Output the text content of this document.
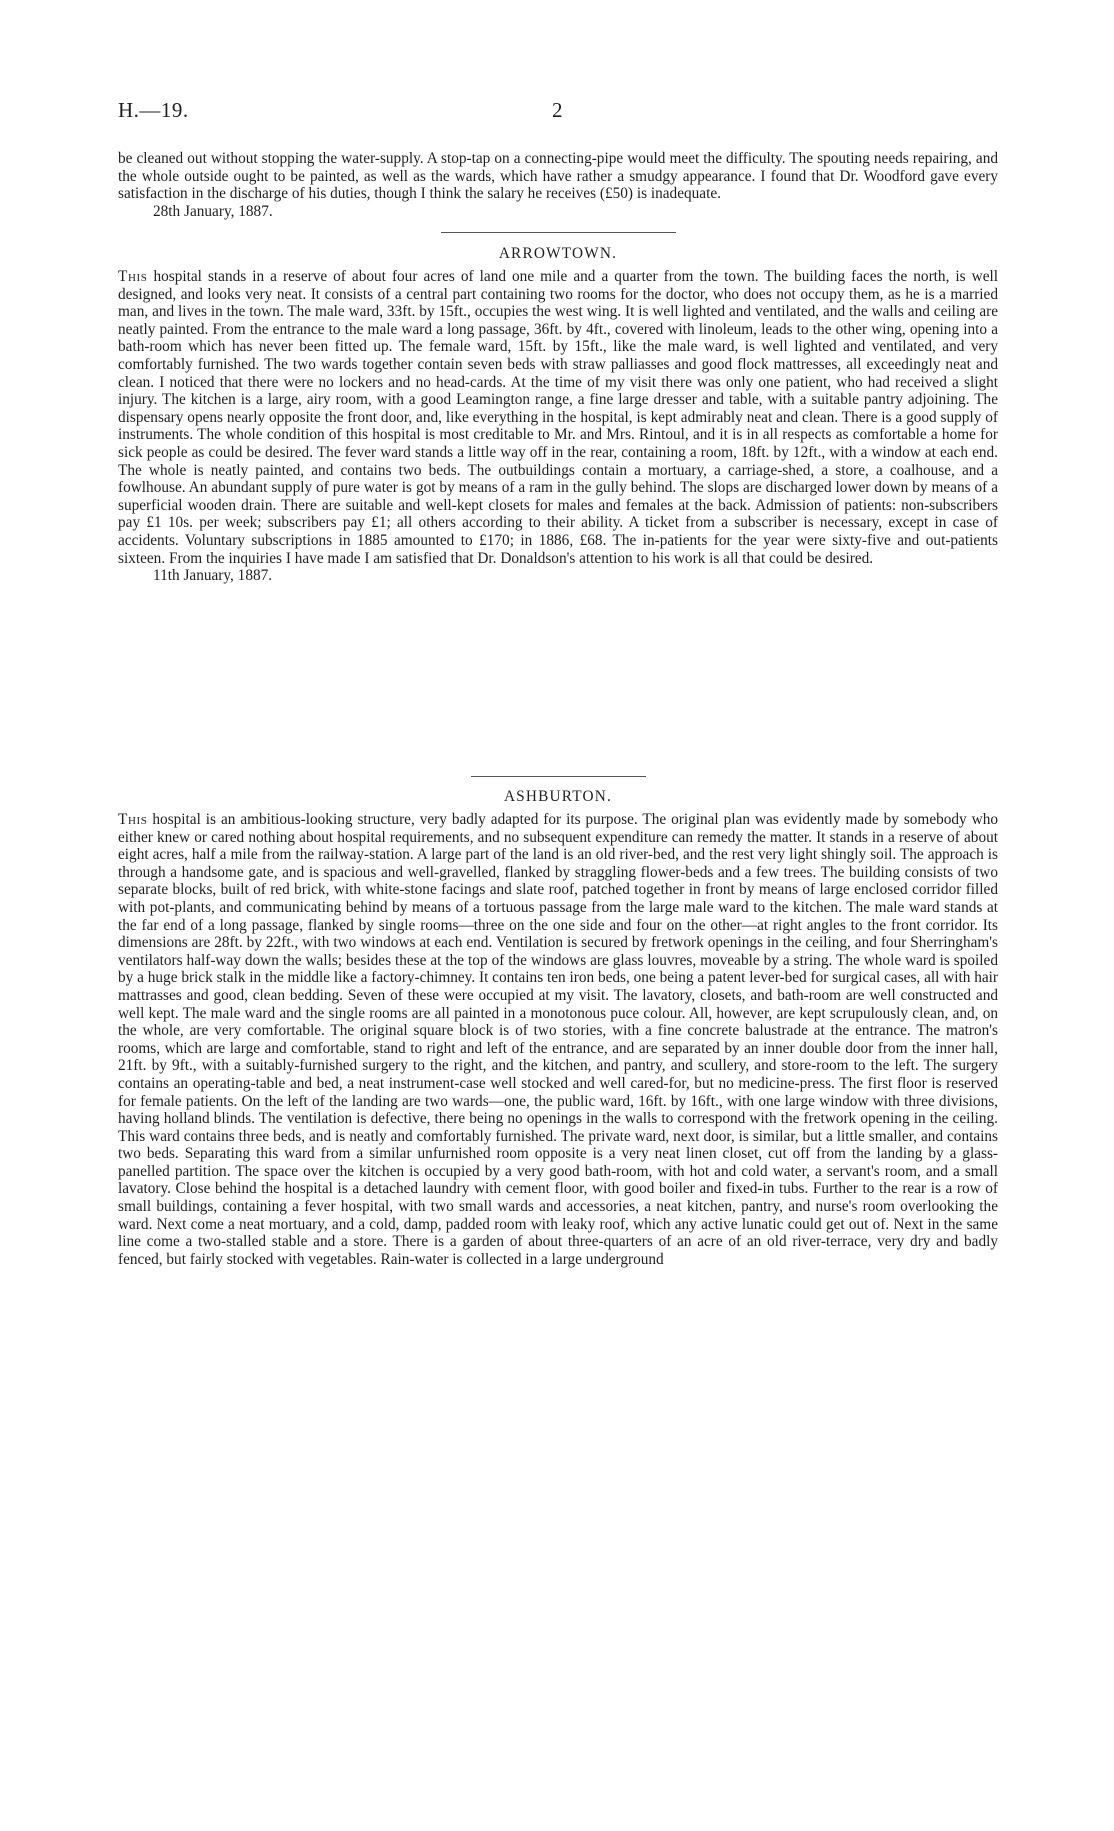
H.—19.	2

be cleaned out without stopping the water-supply. A stop-tap on a connecting-pipe would meet the difficulty. The spouting needs repairing, and the whole outside ought to be painted, as well as the wards, which have rather a smudgy appearance. I found that Dr. Woodford gave every satisfaction in the discharge of his duties, though I think the salary he receives (£50) is inadequate.

28th January, 1887.

ARROWTOWN.

This hospital stands in a reserve of about four acres of land one mile and a quarter from the town. The building faces the north, is well designed, and looks very neat. It consists of a central part containing two rooms for the doctor, who does not occupy them, as he is a married man, and lives in the town. The male ward, 33ft. by 15ft., occupies the west wing. It is well lighted and ventilated, and the walls and ceiling are neatly painted. From the entrance to the male ward a long passage, 36ft. by 4ft., covered with linoleum, leads to the other wing, opening into a bath-room which has never been fitted up. The female ward, 15ft. by 15ft., like the male ward, is well lighted and ventilated, and very comfortably furnished. The two wards together contain seven beds with straw palliasses and good flock mattresses, all exceedingly neat and clean. I noticed that there were no lockers and no head-cards. At the time of my visit there was only one patient, who had received a slight injury. The kitchen is a large, airy room, with a good Leamington range, a fine large dresser and table, with a suitable pantry adjoining. The dispensary opens nearly opposite the front door, and, like everything in the hospital, is kept admirably neat and clean. There is a good supply of instruments. The whole condition of this hospital is most creditable to Mr. and Mrs. Rintoul, and it is in all respects as comfortable a home for sick people as could be desired. The fever ward stands a little way off in the rear, containing a room, 18ft. by 12ft., with a window at each end. The whole is neatly painted, and contains two beds. The outbuildings contain a mortuary, a carriage-shed, a store, a coalhouse, and a fowlhouse. An abundant supply of pure water is got by means of a ram in the gully behind. The slops are discharged lower down by means of a superficial wooden drain. There are suitable and well-kept closets for males and females at the back. Admission of patients: non-subscribers pay £1 10s. per week; subscribers pay £1; all others according to their ability. A ticket from a subscriber is necessary, except in case of accidents. Voluntary subscriptions in 1885 amounted to £170; in 1886, £68. The in-patients for the year were sixty-five and out-patients sixteen. From the inquiries I have made I am satisfied that Dr. Donaldson's attention to his work is all that could be desired.

11th January, 1887.

ASHBURTON.

This hospital is an ambitious-looking structure, very badly adapted for its purpose. The original plan was evidently made by somebody who either knew or cared nothing about hospital requirements, and no subsequent expenditure can remedy the matter. It stands in a reserve of about eight acres, half a mile from the railway-station. A large part of the land is an old river-bed, and the rest very light shingly soil. The approach is through a handsome gate, and is spacious and well-gravelled, flanked by straggling flower-beds and a few trees. The building consists of two separate blocks, built of red brick, with white-stone facings and slate roof, patched together in front by means of large enclosed corridor filled with pot-plants, and communicating behind by means of a tortuous passage from the large male ward to the kitchen. The male ward stands at the far end of a long passage, flanked by single rooms—three on the one side and four on the other—at right angles to the front corridor. Its dimensions are 28ft. by 22ft., with two windows at each end. Ventilation is secured by fretwork openings in the ceiling, and four Sherringham's ventilators half-way down the walls; besides these at the top of the windows are glass louvres, moveable by a string. The whole ward is spoiled by a huge brick stalk in the middle like a factory-chimney. It contains ten iron beds, one being a patent lever-bed for surgical cases, all with hair mattrasses and good, clean bedding. Seven of these were occupied at my visit. The lavatory, closets, and bath-room are well constructed and well kept. The male ward and the single rooms are all painted in a monotonous puce colour. All, however, are kept scrupulously clean, and, on the whole, are very comfortable. The original square block is of two stories, with a fine concrete balustrade at the entrance. The matron's rooms, which are large and comfortable, stand to right and left of the entrance, and are separated by an inner double door from the inner hall, 21ft. by 9ft., with a suitably-furnished surgery to the right, and the kitchen, and pantry, and scullery, and store-room to the left. The surgery contains an operating-table and bed, a neat instrument-case well stocked and well cared-for, but no medicine-press. The first floor is reserved for female patients. On the left of the landing are two wards—one, the public ward, 16ft. by 16ft., with one large window with three divisions, having holland blinds. The ventilation is defective, there being no openings in the walls to correspond with the fretwork opening in the ceiling. This ward contains three beds, and is neatly and comfortably furnished. The private ward, next door, is similar, but a little smaller, and contains two beds. Separating this ward from a similar unfurnished room opposite is a very neat linen closet, cut off from the landing by a glass-panelled partition. The space over the kitchen is occupied by a very good bath-room, with hot and cold water, a servant's room, and a small lavatory. Close behind the hospital is a detached laundry with cement floor, with good boiler and fixed-in tubs. Further to the rear is a row of small buildings, containing a fever hospital, with two small wards and accessories, a neat kitchen, pantry, and nurse's room overlooking the ward. Next come a neat mortuary, and a cold, damp, padded room with leaky roof, which any active lunatic could get out of. Next in the same line come a two-stalled stable and a store. There is a garden of about three-quarters of an acre of an old river-terrace, very dry and badly fenced, but fairly stocked with vegetables. Rain-water is collected in a large underground
